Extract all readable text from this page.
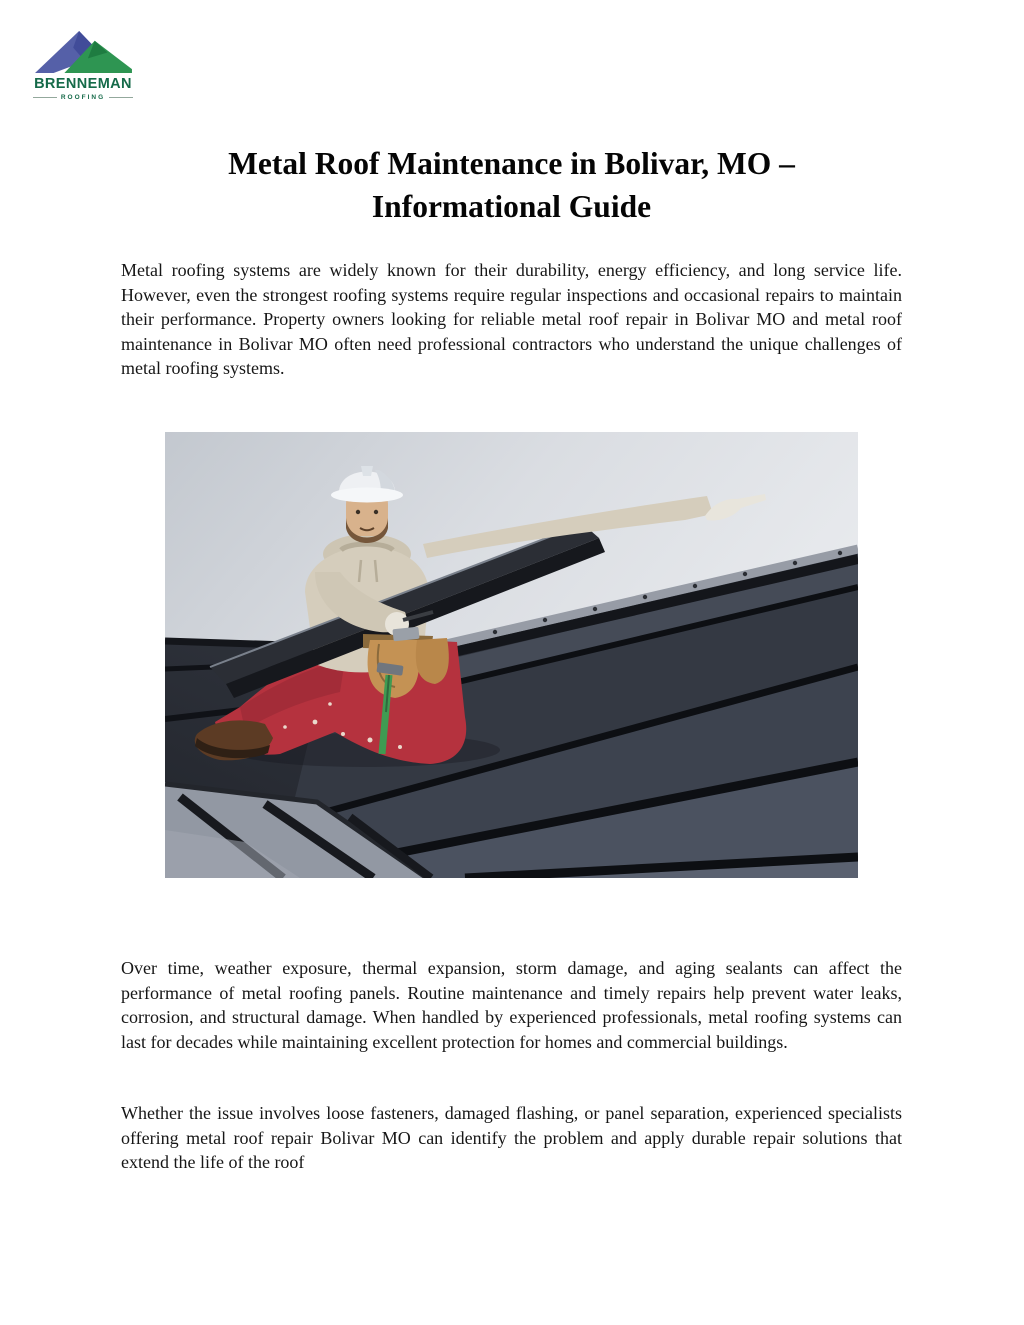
BRENNEMAN
ROOFING
Metal Roof Maintenance in Bolivar, MO –
Informational Guide

Metal roofing systems are widely known for their durability, energy efficiency, and long service life. However, even the strongest roofing systems require regular inspections and occasional repairs to maintain their performance. Property owners looking for reliable metal roof repair in Bolivar MO and metal roof maintenance in Bolivar MO often need professional contractors who understand the unique challenges of metal roofing systems.

Over time, weather exposure, thermal expansion, storm damage, and aging sealants can affect the performance of metal roofing panels. Routine maintenance and timely repairs help prevent water leaks, corrosion, and structural damage. When handled by experienced professionals, metal roofing systems can last for decades while maintaining excellent protection for homes and commercial buildings.

Whether the issue involves loose fasteners, damaged flashing, or panel separation, experienced specialists offering metal roof repair Bolivar MO can identify the problem and apply durable repair solutions that extend the life of the roof
